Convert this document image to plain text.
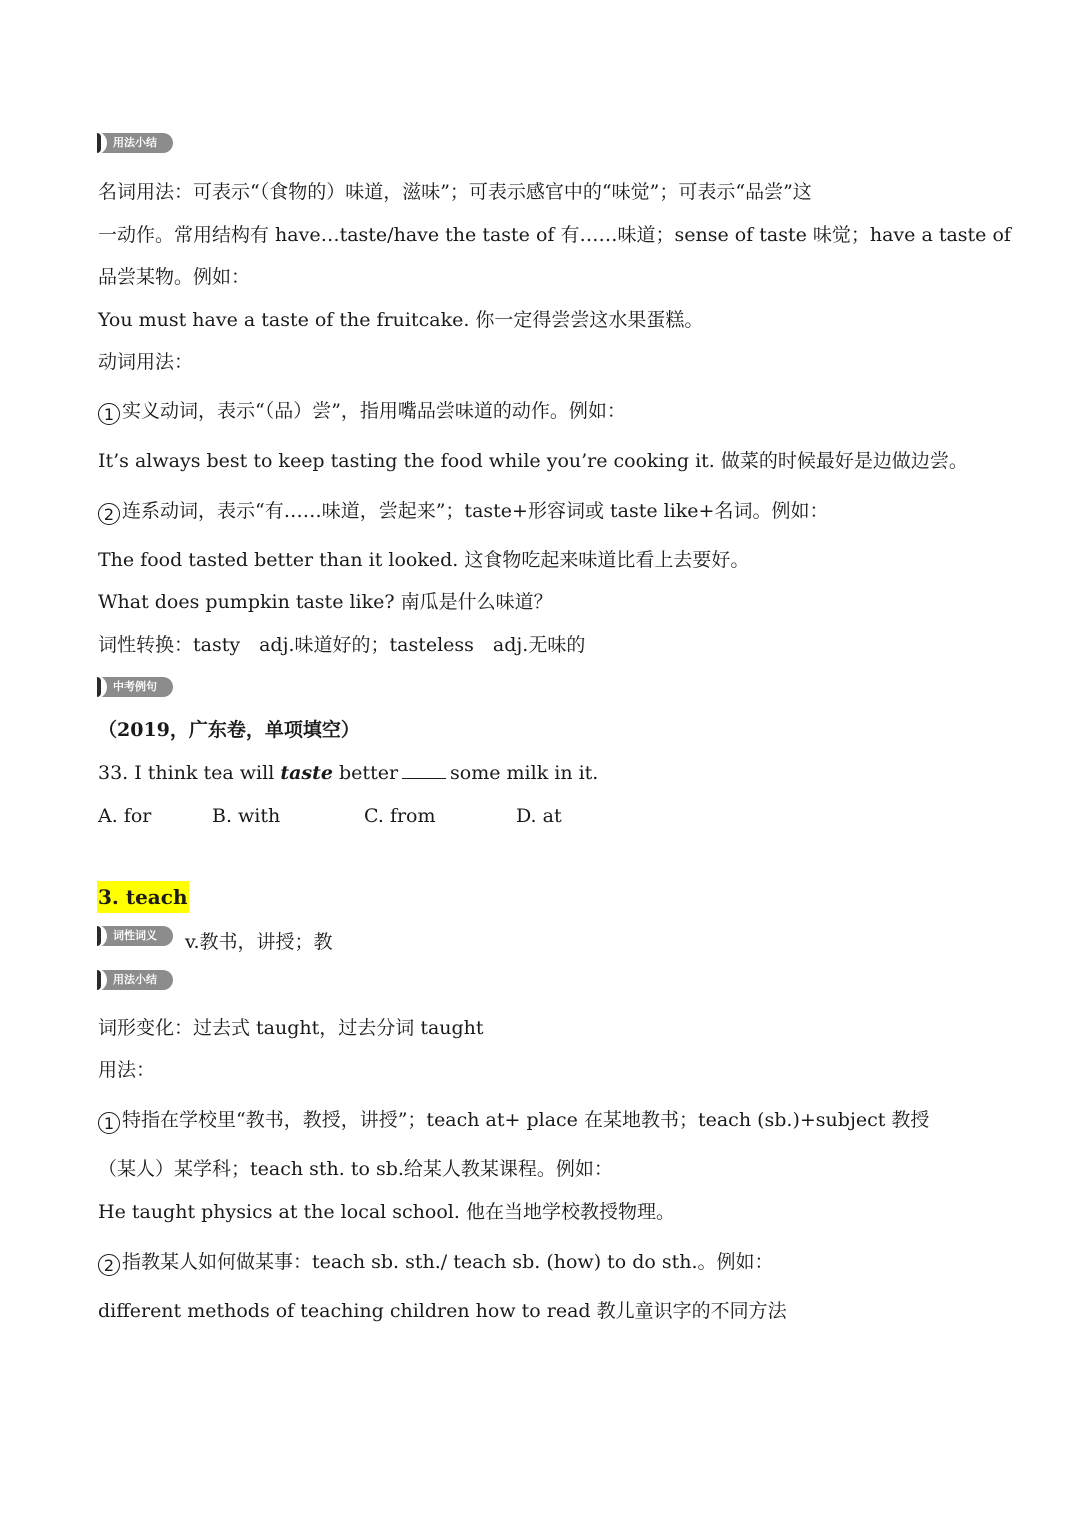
用法小结
名词用法：可表示“（食物的）味道，滋味”；可表示感官中的“味觉”；可表示“品尝”这
一动作。常用结构有 have…taste/have the taste of 有……味道；sense of taste 味觉；have a taste of
品尝某物。例如：
You must have a taste of the fruitcake. 你一定得尝尝这水果蛋糕。
动词用法：
1 实义动词，表示“（品）尝”，指用嘴品尝味道的动作。例如：
It’s always best to keep tasting the food while you’re cooking it. 做菜的时候最好是边做边尝。
2 连系动词，表示“有……味道，尝起来”；taste+形容词或 taste like+名词。例如：
The food tasted better than it looked. 这食物吃起来味道比看上去要好。
What does pumpkin taste like? 南瓜是什么味道？
词性转换：tasty　adj.味道好的；tasteless　adj.无味的
中考例句
（2019，广东卷，单项填空）
33. I think tea will taste better	some milk in it.
A. for	B. with	C. from	D. at
3. teach
词性词义	v.教书，讲授；教
用法小结
词形变化：过去式 taught，过去分词 taught
用法：
1 特指在学校里“教书，教授，讲授”；teach at+ place 在某地教书；teach (sb.)+subject 教授
（某人）某学科；teach sth. to sb.给某人教某课程。例如：
He taught physics at the local school. 他在当地学校教授物理。
2 指教某人如何做某事：teach sb. sth./ teach sb. (how) to do sth.。例如：
different methods of teaching children how to read 教儿童识字的不同方法
